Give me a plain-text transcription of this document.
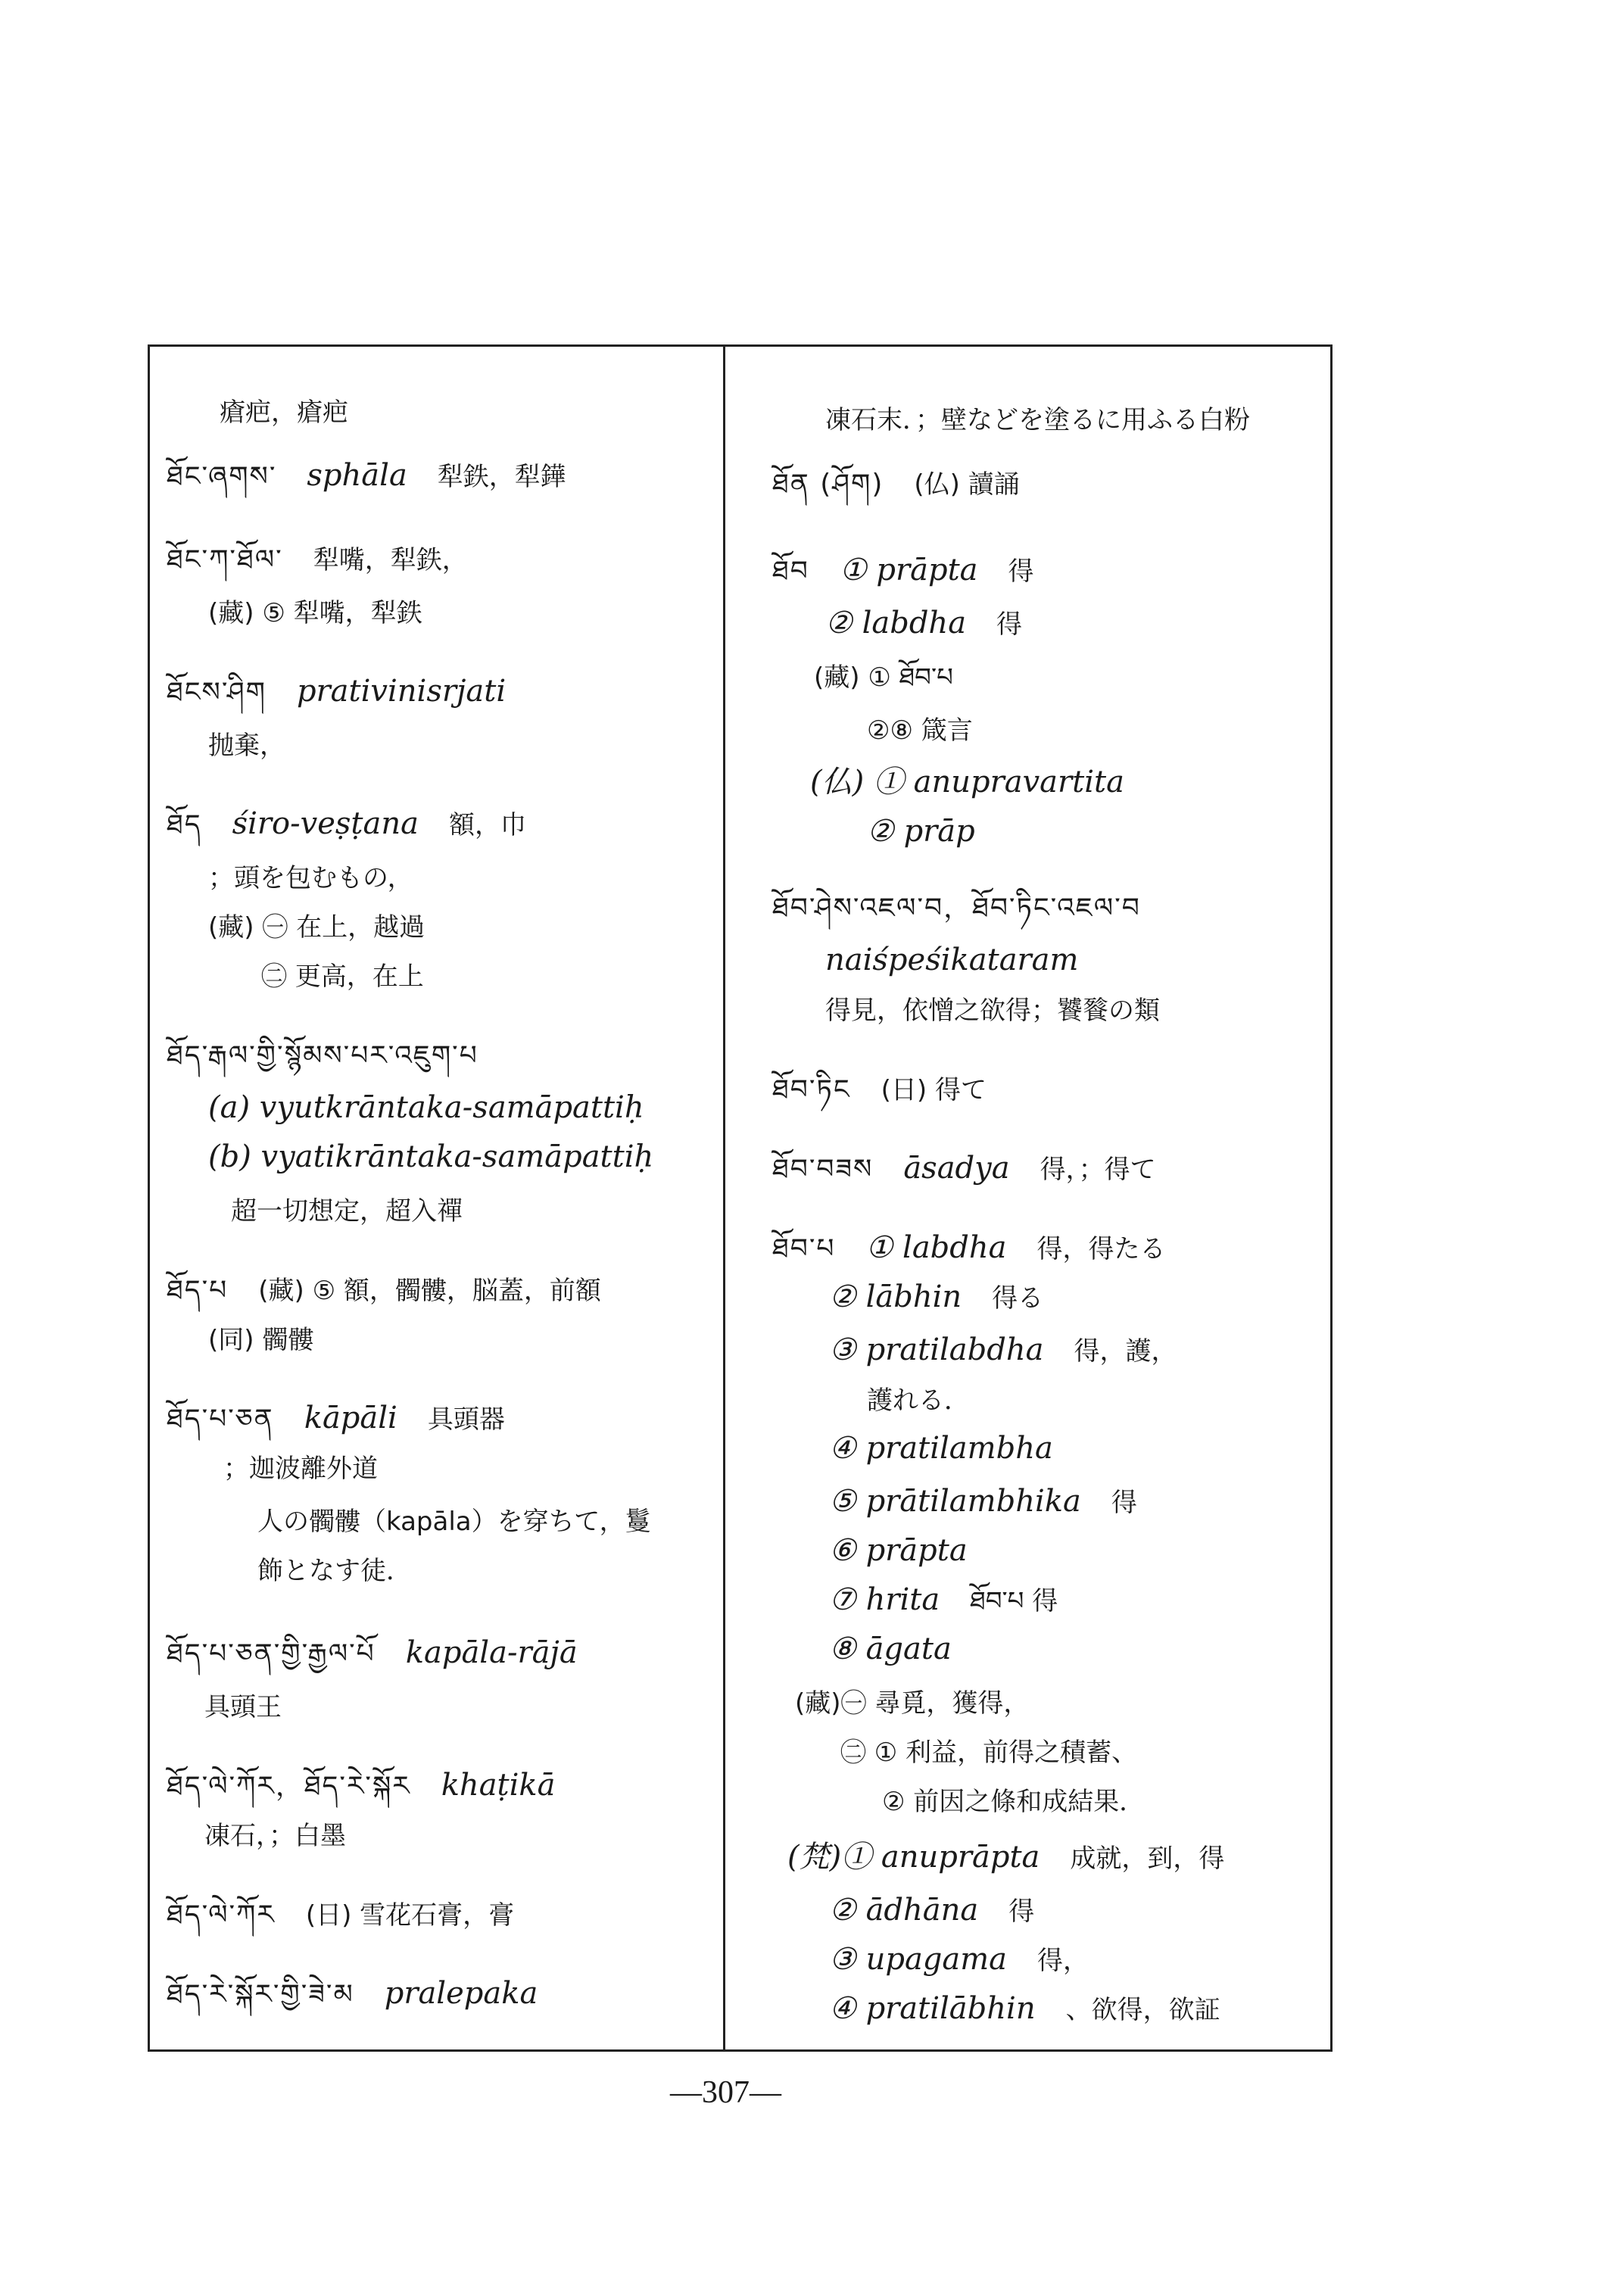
瘡疤，瘡疤
ཐོང་ཞགས་ sphāla 犁鉄，犁鏵
ཐོང་ཀ་ཐོལ་ 犁嘴，犁鉄，
(藏) ⑤ 犁嘴，犁鉄
ཐོངས་ཤིག prativinisrjati
抛棄，
ཐོད śiro-veṣṭana 額，巾
；頭を包むもの，
(藏) ㊀ 在上，越過
㊁ 更高，在上
ཐོད་རྒལ་གྱི་སྙོམས་པར་འཇུག་པ
(a) vyutkrāntaka-samāpattiḥ
(b) vyatikrāntaka-samāpattiḥ
超一切想定，超入禪
ཐོད་པ (藏) ⑤ 額，髑髏，脳蓋，前額
(同) 髑髏
ཐོད་པ་ཅན kāpāli 具頭器
；迦波離外道
人の髑髏（kapāla）を穿ちて，鬘
飾となす徒．
ཐོད་པ་ཅན་གྱི་རྒྱལ་པོ kapāla-rājā
具頭王
ཐོད་ལེ་ཀོར，ཐོད་རེ་སྐོར khaṭikā
凍石，；白墨
ཐོད་ལེ་ཀོར (日) 雪花石膏，膏
ཐོད་རེ་སྐོར་གྱི་ཟེ་མ pralepaka
凍石末．；壁などを塗るに用ふる白粉
ཐོན (ཤོག) (仏) 讀誦
ཐོབ ① prāpta 得
② labdha 得
(藏) ① ཐོབ་པ
②⑧ 箴言
(仏) ① anupravartita
② prāp
ཐོབ་ཤེས་འཇལ་བ，ཐོབ་ཏིང་འཇལ་བ
naiśpeśikataram
得見，依憎之欲得；饕餮の類
ཐོབ་ཏིང (日) 得て
ཐོབ་བཟས āsadya 得，；得て
ཐོབ་པ ① labdha 得，得たる
② lābhin 得る
③ pratilabdha 得，護，
護れる．
④ pratilambha
⑤ prātilambhika 得
⑥ prāpta
⑦ hrita ཐོབ་པ 得
⑧ āgata
(藏)㊀ 尋覓，獲得，
㊁ ① 利益，前得之積蓄、
② 前因之條和成結果．
(梵)① anuprāpta 成就，到，得
② ādhāna 得
③ upagama 得，
④ pratilābhin 、欲得，欲証
—307—
